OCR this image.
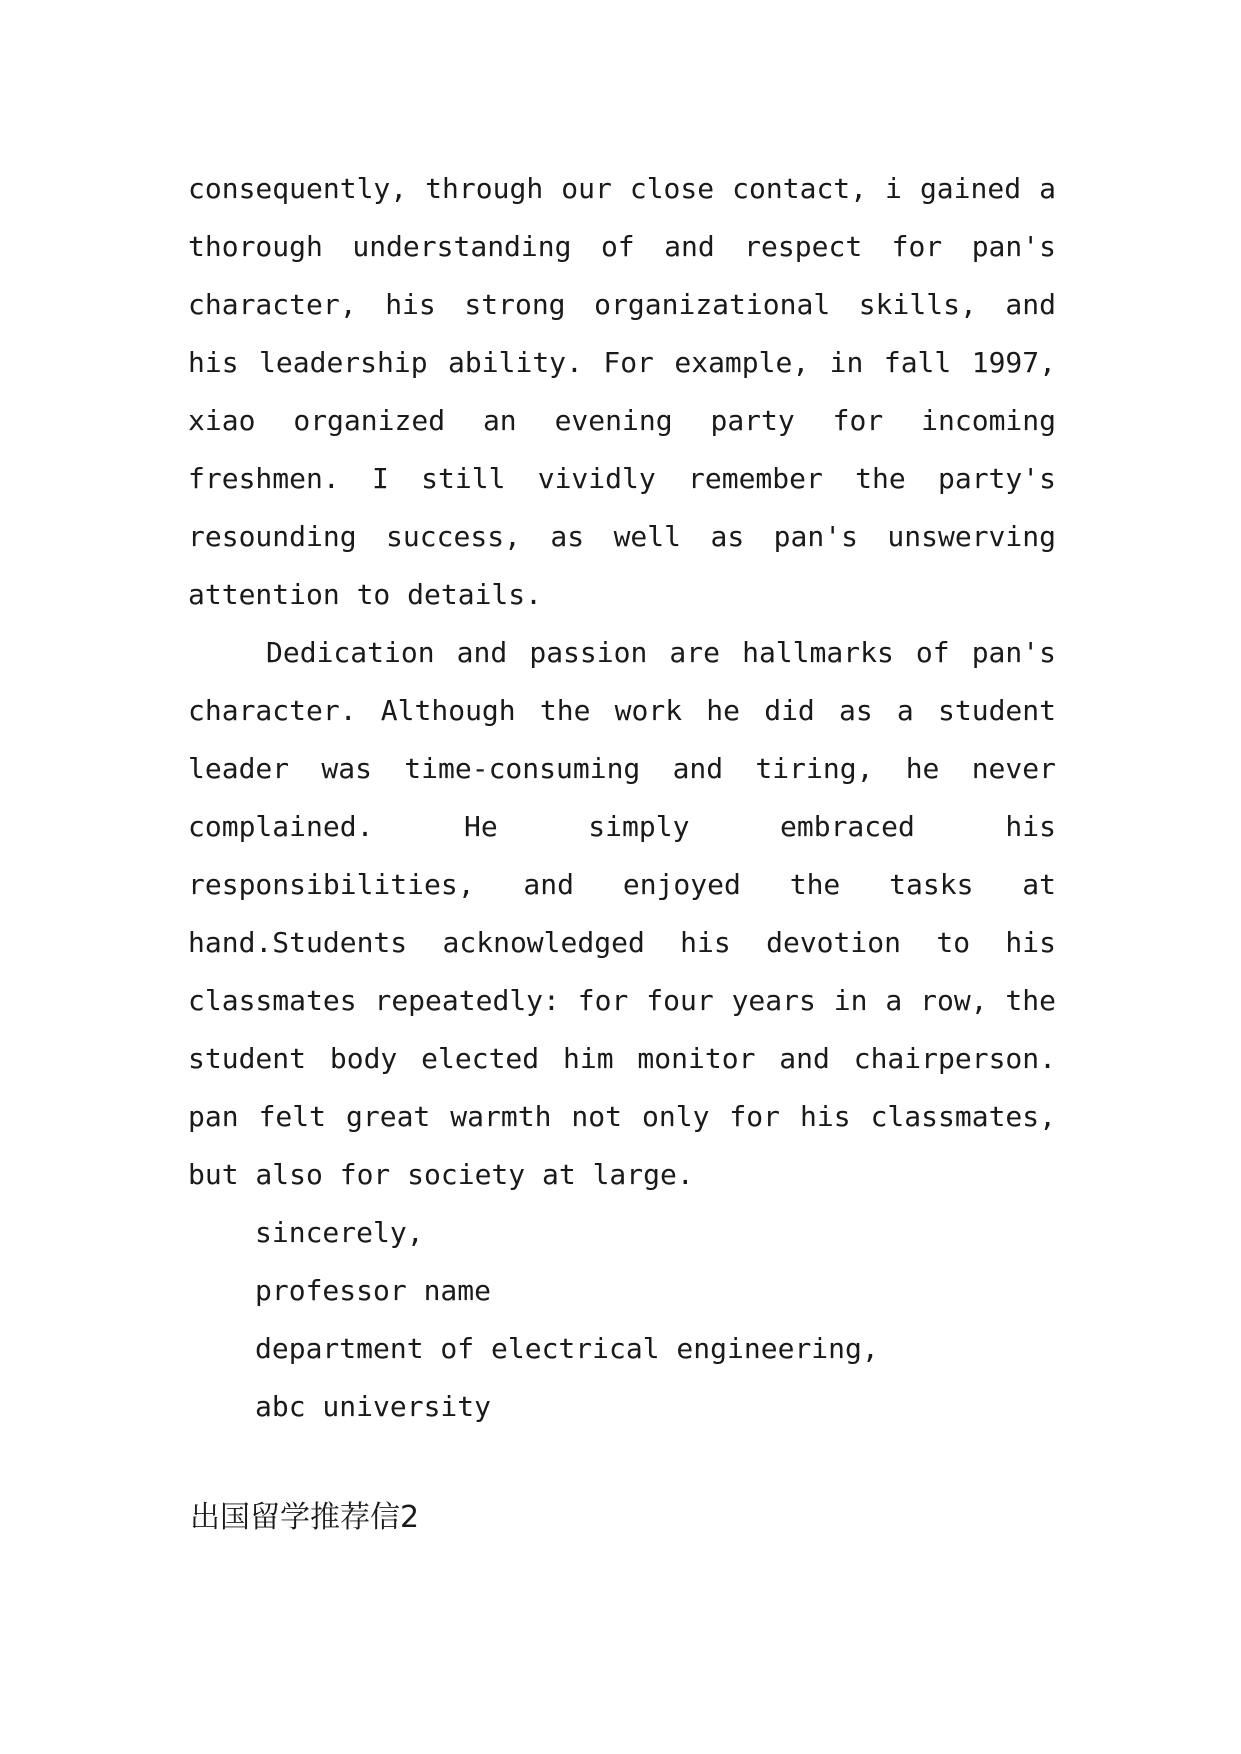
consequently, through our close contact, i gained a thorough understanding of and respect for pan's character, his strong organizational skills, and his leadership ability. For example, in fall 1997, xiao organized an evening party for incoming freshmen. I still vividly remember the party's resounding success, as well as pan's unswerving attention to details.

Dedication and passion are hallmarks of pan's character. Although the work he did as a student leader was time-consuming and tiring, he never complained. He simply embraced his responsibilities, and enjoyed the tasks at hand.Students acknowledged his devotion to his classmates repeatedly: for four years in a row, the student body elected him monitor and chairperson. pan felt great warmth not only for his classmates, but also for society at large.

sincerely,

professor name

department of electrical engineering,

abc university

出国留学推荐信2
